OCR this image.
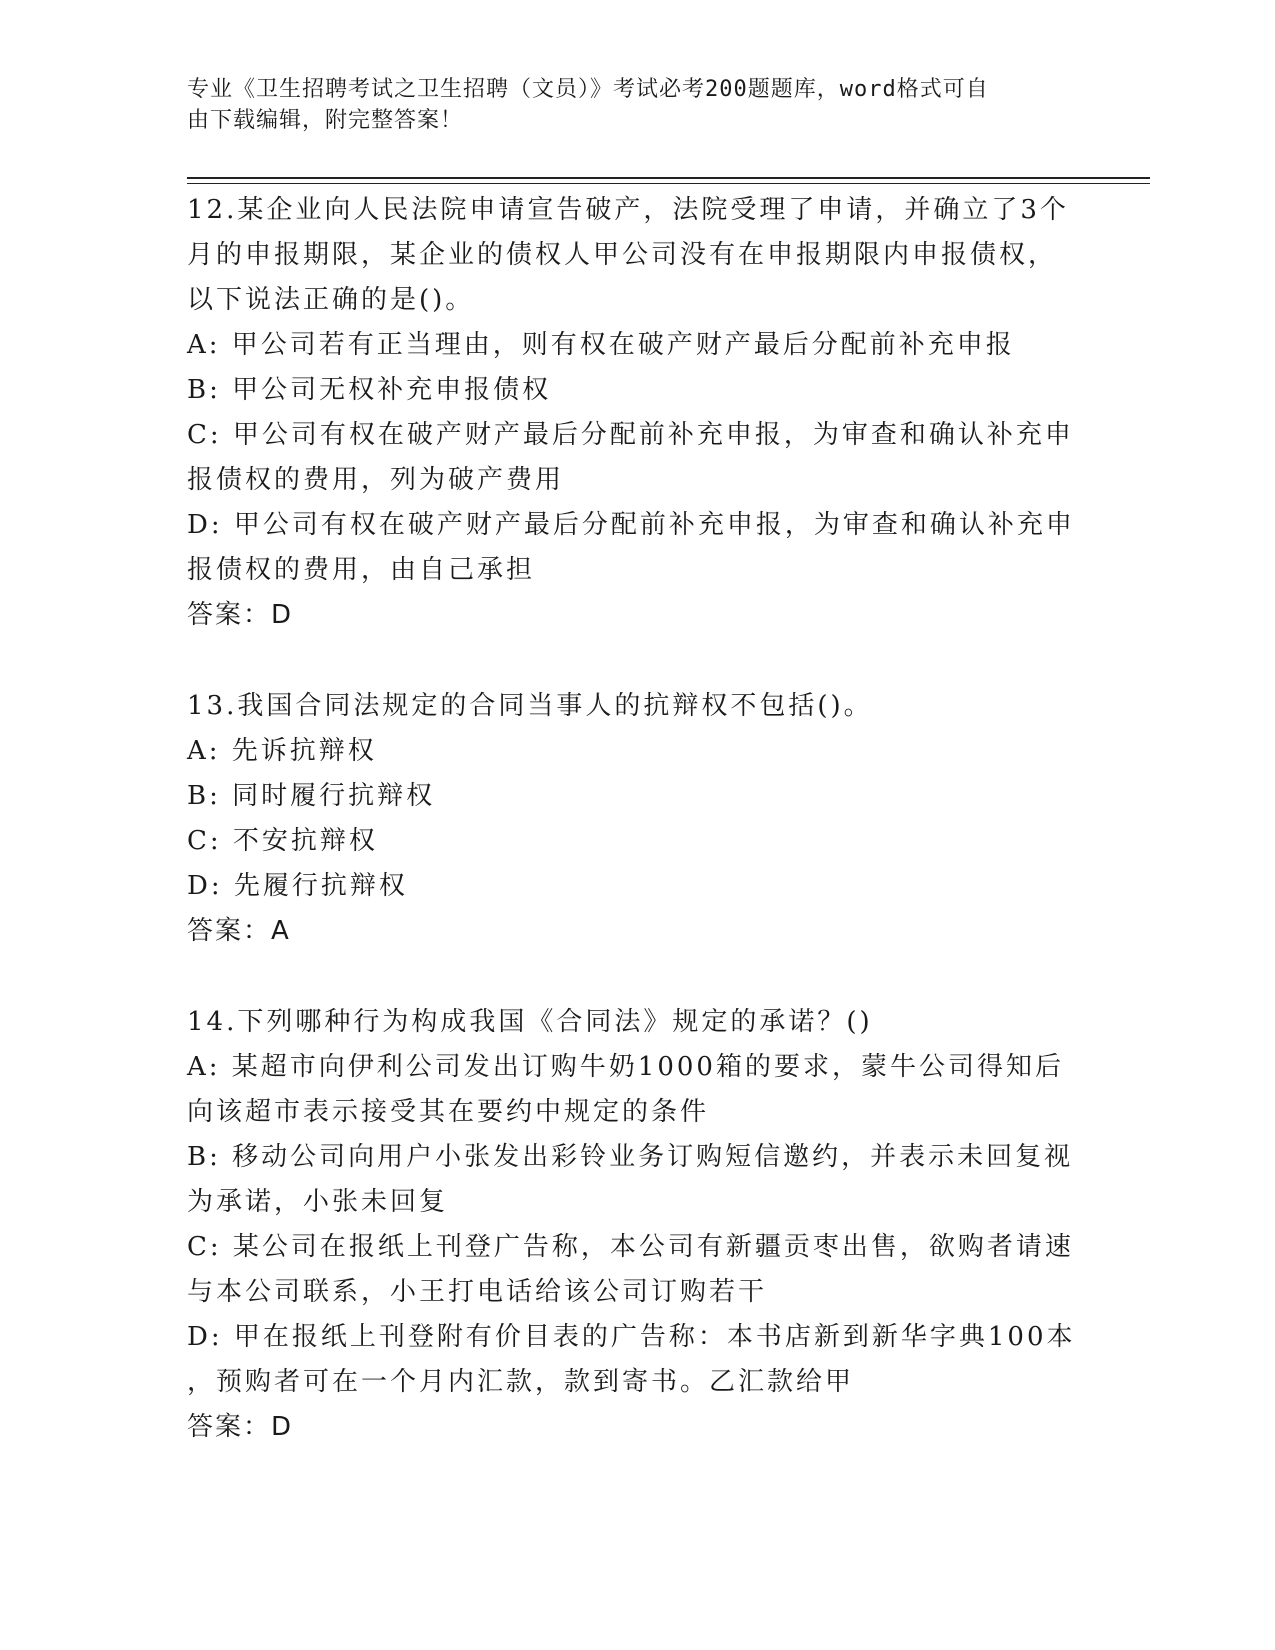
专业《卫生招聘考试之卫生招聘（文员）》考试必考200题题库，word格式可自
由下载编辑，附完整答案！
12.某企业向人民法院申请宣告破产，法院受理了申请，并确立了3个
月的申报期限，某企业的债权人甲公司没有在申报期限内申报债权，
以下说法正确的是()。
A: 甲公司若有正当理由，则有权在破产财产最后分配前补充申报
B: 甲公司无权补充申报债权
C: 甲公司有权在破产财产最后分配前补充申报，为审查和确认补充申
报债权的费用，列为破产费用
D: 甲公司有权在破产财产最后分配前补充申报，为审查和确认补充申
报债权的费用，由自己承担
答案：D
13.我国合同法规定的合同当事人的抗辩权不包括()。
A: 先诉抗辩权
B: 同时履行抗辩权
C: 不安抗辩权
D: 先履行抗辩权
答案：A
14.下列哪种行为构成我国《合同法》规定的承诺？()
A: 某超市向伊利公司发出订购牛奶1000箱的要求，蒙牛公司得知后
向该超市表示接受其在要约中规定的条件
B: 移动公司向用户小张发出彩铃业务订购短信邀约，并表示未回复视
为承诺，小张未回复
C: 某公司在报纸上刊登广告称，本公司有新疆贡枣出售，欲购者请速
与本公司联系，小王打电话给该公司订购若干
D: 甲在报纸上刊登附有价目表的广告称：本书店新到新华字典100本
，预购者可在一个月内汇款，款到寄书。乙汇款给甲
答案：D
